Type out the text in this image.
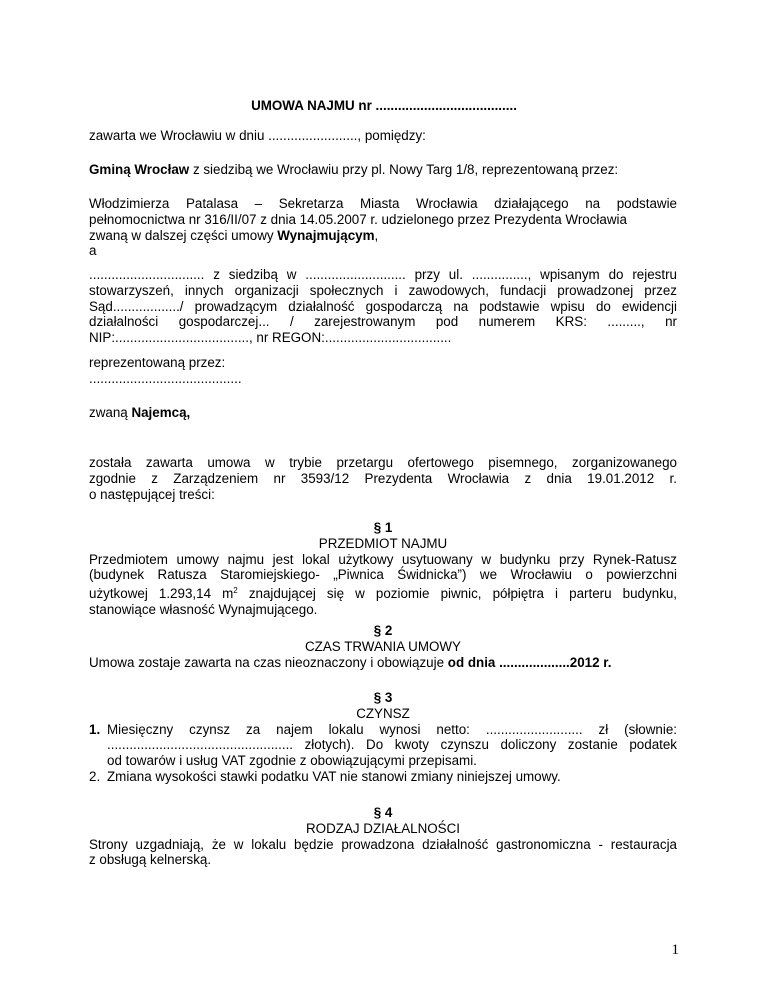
UMOWA NAJMU nr ......................................
zawarta we Wrocławiu w dniu ........................, pomiędzy:
Gminą Wrocław z siedzibą we Wrocławiu przy pl. Nowy Targ 1/8, reprezentowaną przez:
Włodzimierza Patalasa – Sekretarza Miasta Wrocławia działającego na podstawie
pełnomocnictwa nr 316/II/07 z dnia 14.05.2007 r. udzielonego przez Prezydenta Wrocławia
zwaną w dalszej części umowy Wynajmującym,
a
............................... z siedzibą w ........................... przy ul. ..............., wpisanym do rejestru
stowarzyszeń, innych organizacji społecznych i zawodowych, fundacji prowadzonej przez
Sąd................../ prowadzącym działalność gospodarczą na podstawie wpisu do ewidencji
działalności gospodarczej... / zarejestrowanym pod numerem KRS: ........., nr
NIP:...................................., nr REGON:..................................
reprezentowaną przez:
.........................................
zwaną Najemcą,
została zawarta umowa w trybie przetargu ofertowego pisemnego, zorganizowanego
zgodnie z Zarządzeniem nr 3593/12 Prezydenta Wrocławia z dnia 19.01.2012 r.
o następującej treści:
§ 1
PRZEDMIOT NAJMU
Przedmiotem umowy najmu jest lokal użytkowy usytuowany w budynku przy Rynek-Ratusz
(budynek Ratusza Staromiejskiego- „Piwnica Świdnicka”) we Wrocławiu o powierzchni
użytkowej 1.293,14 $m^2$ znajdującej się w poziomie piwnic, półpiętra i parteru budynku,
stanowiące własność Wynajmującego.
§ 2
CZAS TRWANIA UMOWY
Umowa zostaje zawarta na czas nieoznaczony i obowiązuje od dnia ...................2012 r.
§ 3
CZYNSZ
1. Miesięczny czynsz za najem lokalu wynosi netto: .......................... zł (słownie:
.................................................. złotych). Do kwoty czynszu doliczony zostanie podatek
od towarów i usług VAT zgodnie z obowiązującymi przepisami.
2. Zmiana wysokości stawki podatku VAT nie stanowi zmiany niniejszej umowy.
§ 4
RODZAJ DZIAŁALNOŚCI
Strony uzgadniają, że w lokalu będzie prowadzona działalność gastronomiczna - restauracja
z obsługą kelnerską.
1
